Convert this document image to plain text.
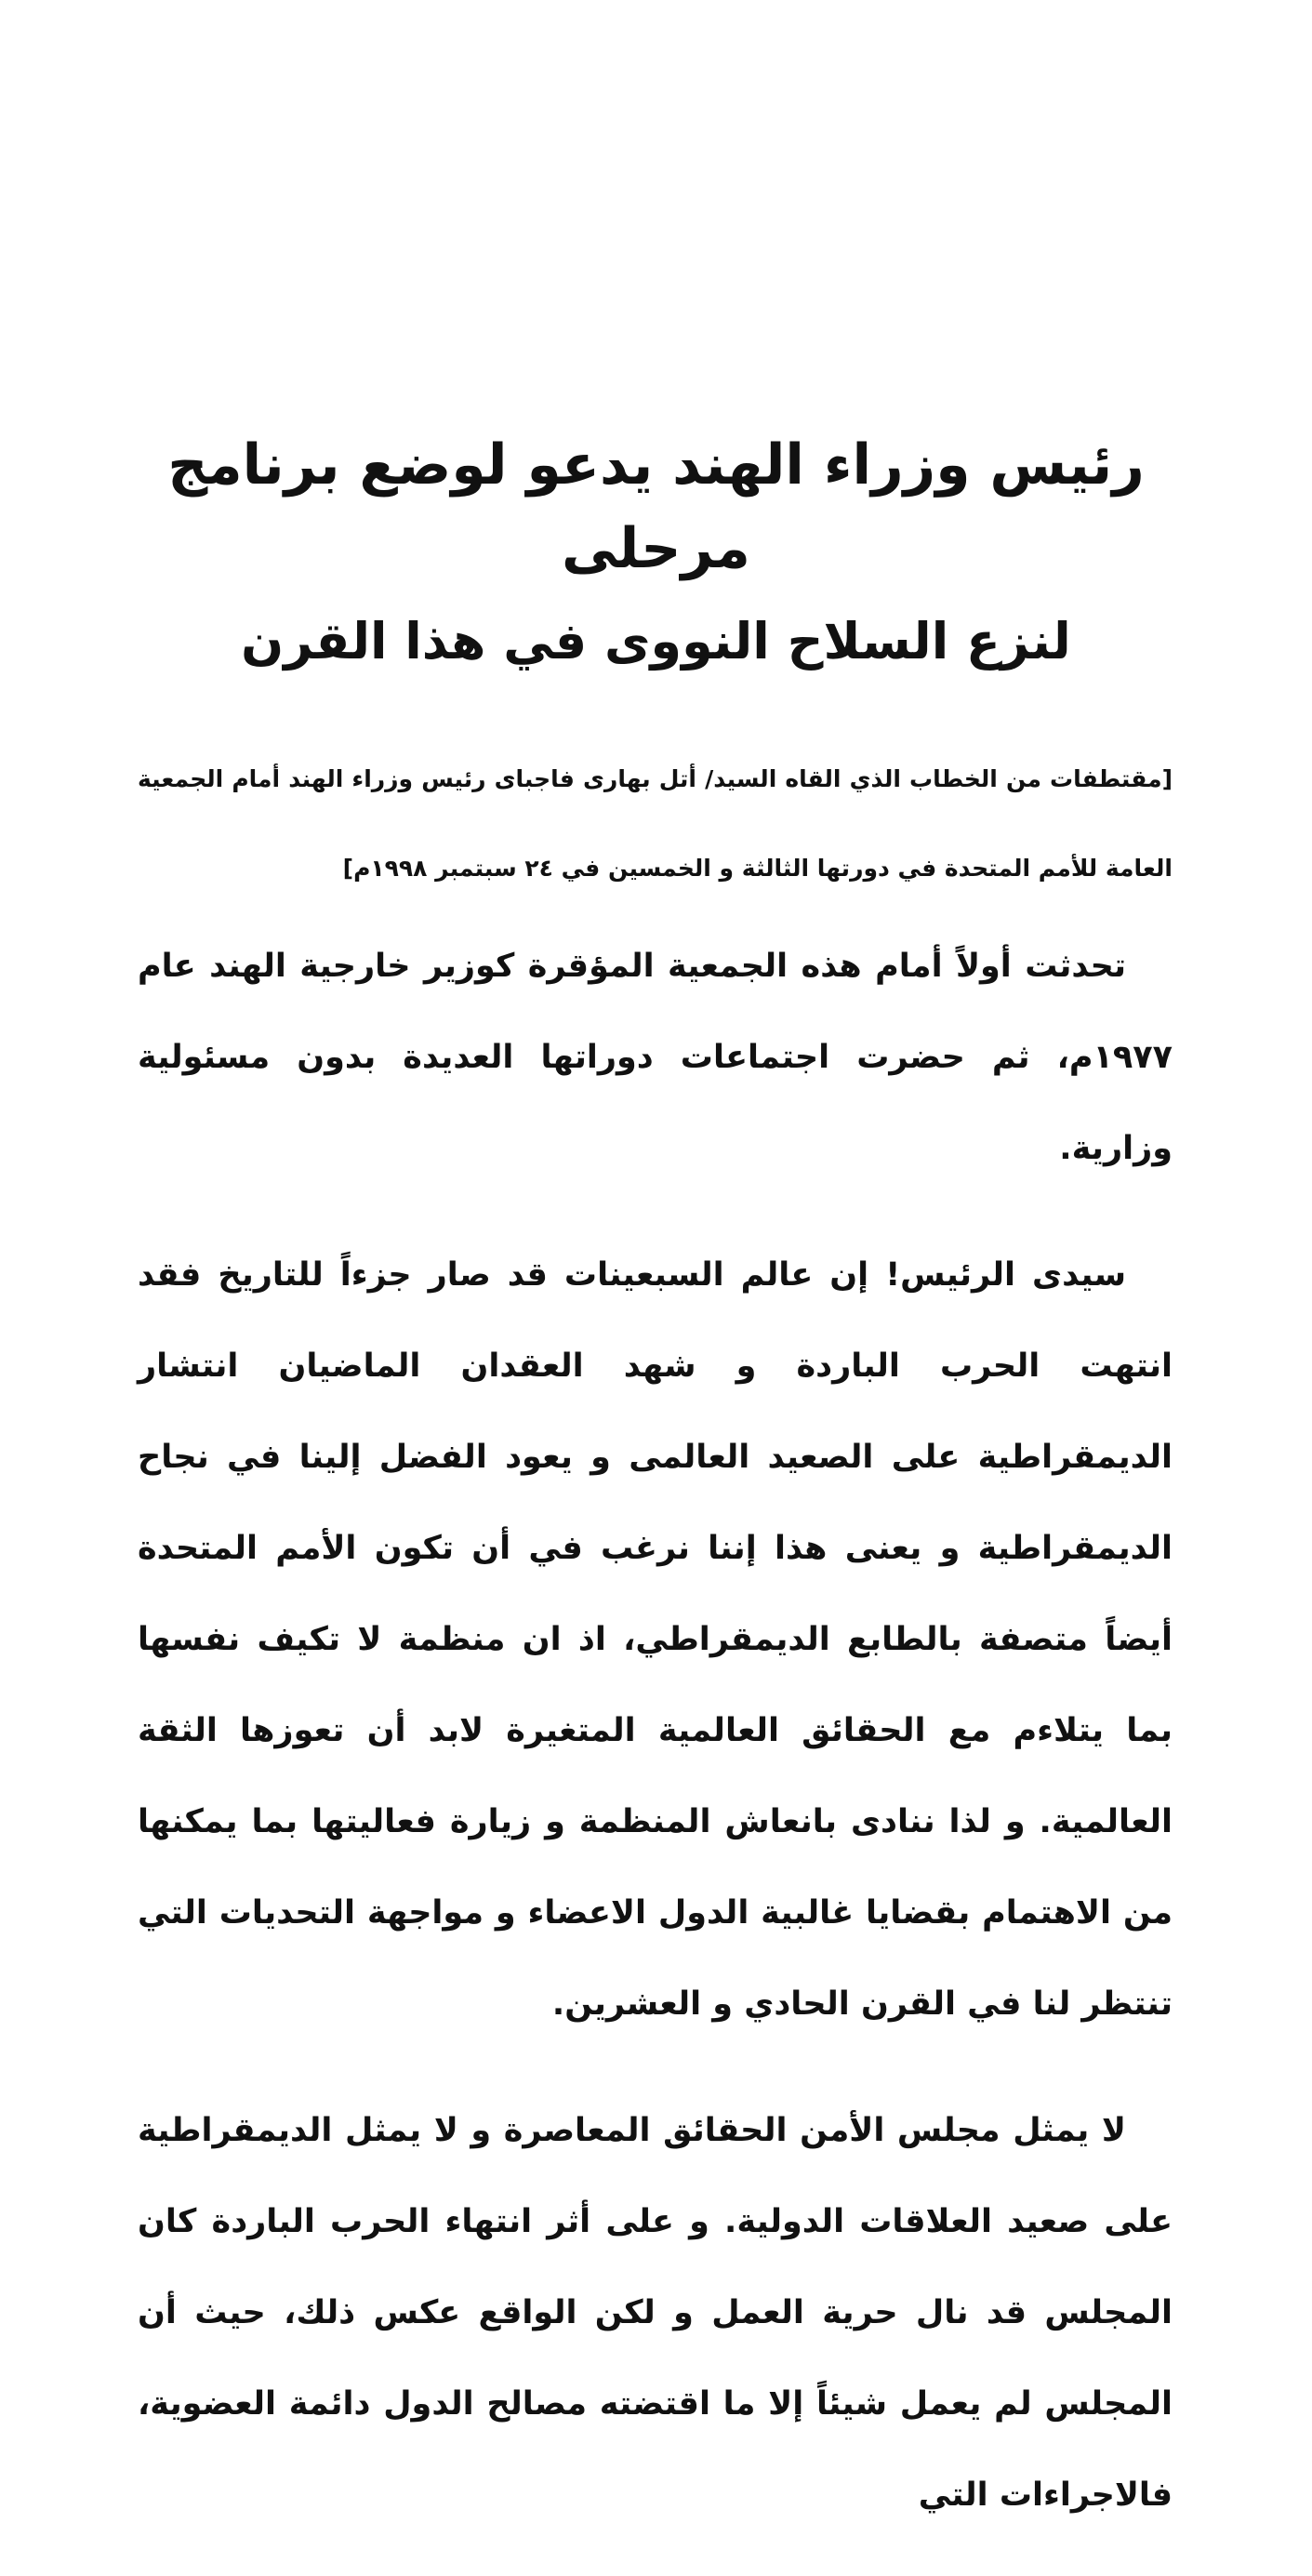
رئيس وزراء الهند يدعو لوضع برنامج مرحلى
لنزع السلاح النووى في هذا القرن

[مقتطفات من الخطاب الذي القاه السيد/ أتل بهارى فاجباى رئيس وزراء الهند أمام الجمعية العامة للأمم المتحدة في دورتها الثالثة و الخمسين في ٢٤ سبتمبر ١٩٩٨م]

تحدثت أولاً أمام هذه الجمعية المؤقرة كوزير خارجية الهند عام ١٩٧٧م، ثم حضرت اجتماعات دوراتها العديدة بدون مسئولية وزارية.

سيدى الرئيس! إن عالم السبعينات قد صار جزءاً للتاريخ فقد انتهت الحرب الباردة و شهد العقدان الماضيان انتشار الديمقراطية على الصعيد العالمى و يعود الفضل إلينا في نجاح الديمقراطية و يعنى هذا إننا نرغب في أن تكون الأمم المتحدة أيضاً متصفة بالطابع الديمقراطي، اذ ان منظمة لا تكيف نفسها بما يتلاءم مع الحقائق العالمية المتغيرة لابد أن تعوزها الثقة العالمية. و لذا ننادى بانعاش المنظمة و زيارة فعاليتها بما يمكنها من الاهتمام بقضايا غالبية الدول الاعضاء و مواجهة التحديات التي تنتظر لنا في القرن الحادي و العشرين.

لا يمثل مجلس الأمن الحقائق المعاصرة و لا يمثل الديمقراطية على صعيد العلاقات الدولية. و على أثر انتهاء الحرب الباردة كان المجلس قد نال حرية العمل و لكن الواقع عكس ذلك، حيث أن المجلس لم يعمل شيئاً إلا ما اقتضته مصالح الدول دائمة العضوية، فالاجراءات التي
